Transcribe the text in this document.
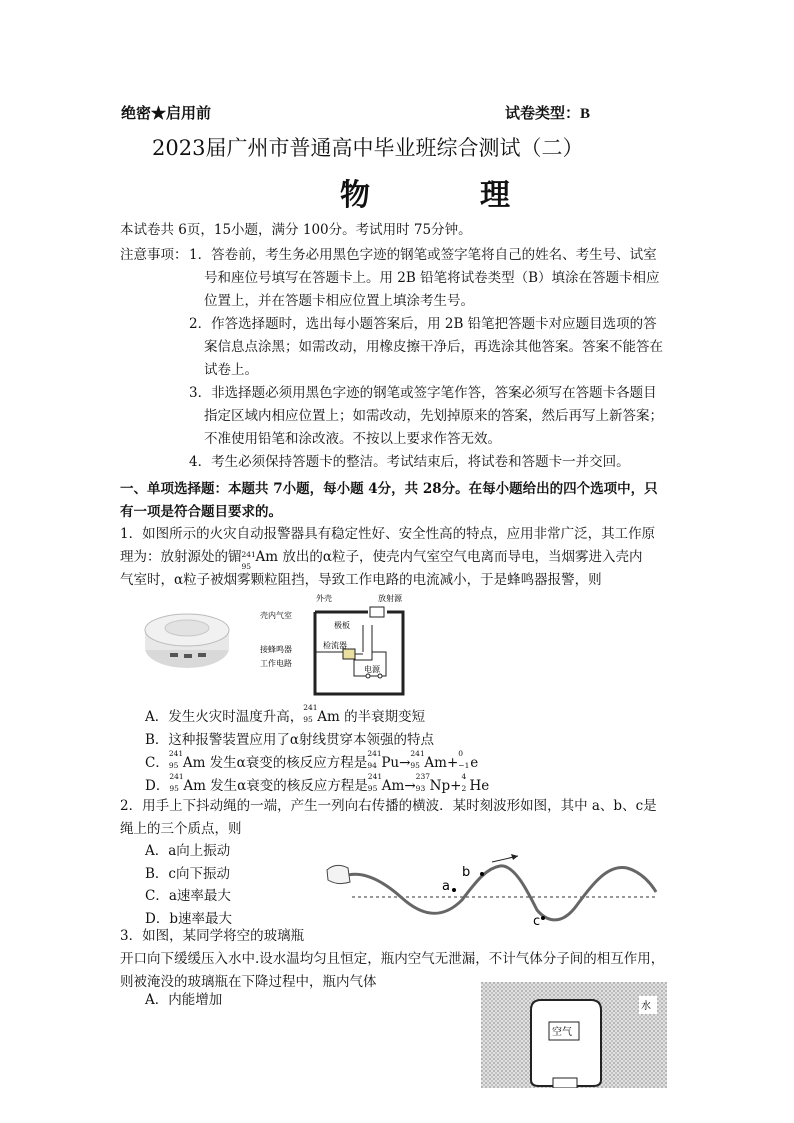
绝密★启用前	试卷类型：B
2023届广州市普通高中毕业班综合测试（二）
物　理
本试卷共 6页，15小题，满分 100分。考试用时 75分钟。
注意事项： 1．答卷前，考生务必用黑色字迹的钢笔或签字笔将自己的姓名、考生号、试室
号和座位号填写在答题卡上。用 2B 铅笔将试卷类型（B）填涂在答题卡相应
位置上，并在答题卡相应位置上填涂考生号。
2．作答选择题时，选出每小题答案后，用 2B 铅笔把答题卡对应题目选项的答
案信息点涂黑；如需改动，用橡皮擦干净后，再选涂其他答案。答案不能答在
试卷上。
3．非选择题必须用黑色字迹的钢笔或签字笔作答，答案必须写在答题卡各题目
指定区域内相应位置上；如需改动，先划掉原来的答案，然后再写上新答案；
不准使用铅笔和涂改液。不按以上要求作答无效。
4．考生必须保持答题卡的整洁。考试结束后，将试卷和答题卡一并交回。
一、单项选择题：本题共 7小题，每小题 4分，共 28分。在每小题给出的四个选项中，只
有一项是符合题目要求的。
1．如图所示的火灾自动报警器具有稳定性好、安全性高的特点，应用非常广泛，其工作原
理为：放射源处的镅 241
95
Am 放出的α粒子，使壳内气室空气电离而导电，当烟雾进入壳内
气室时，α粒子被烟雾颗粒阻挡，导致工作电路的电流减小，于是蜂鸣器报警，则
外壳	放射源
壳内气室
极板
检流器
接蜂鸣器
工作电路
电源
A．发生火灾时温度升高，
241
95 Am 的半衰期变短
B．这种报警装置应用了α射线贯穿本领强的特点
C．
241
95 Am 发生α衰变的核反应方程是
241
94 Pu→
241
95 Am+
0
−1 e
D．
241
95 Am 发生α衰变的核反应方程是
241
95 Am→
237
93 Np+
4
2 He
2．用手上下抖动绳的一端，产生一列向右传播的横波．某时刻波形如图，其中 a、b、c是
绳上的三个质点，则
A．a向上振动
B．c向下振动
C．a速率最大
D．b速率最大
a
b
c
3．如图，某同学将空的玻璃瓶
开口向下缓缓压入水中.设水温均匀且恒定，瓶内空气无泄漏，不计气体分子间的相互作用，
则被淹没的玻璃瓶在下降过程中，瓶内气体
A．内能增加	水
空气
